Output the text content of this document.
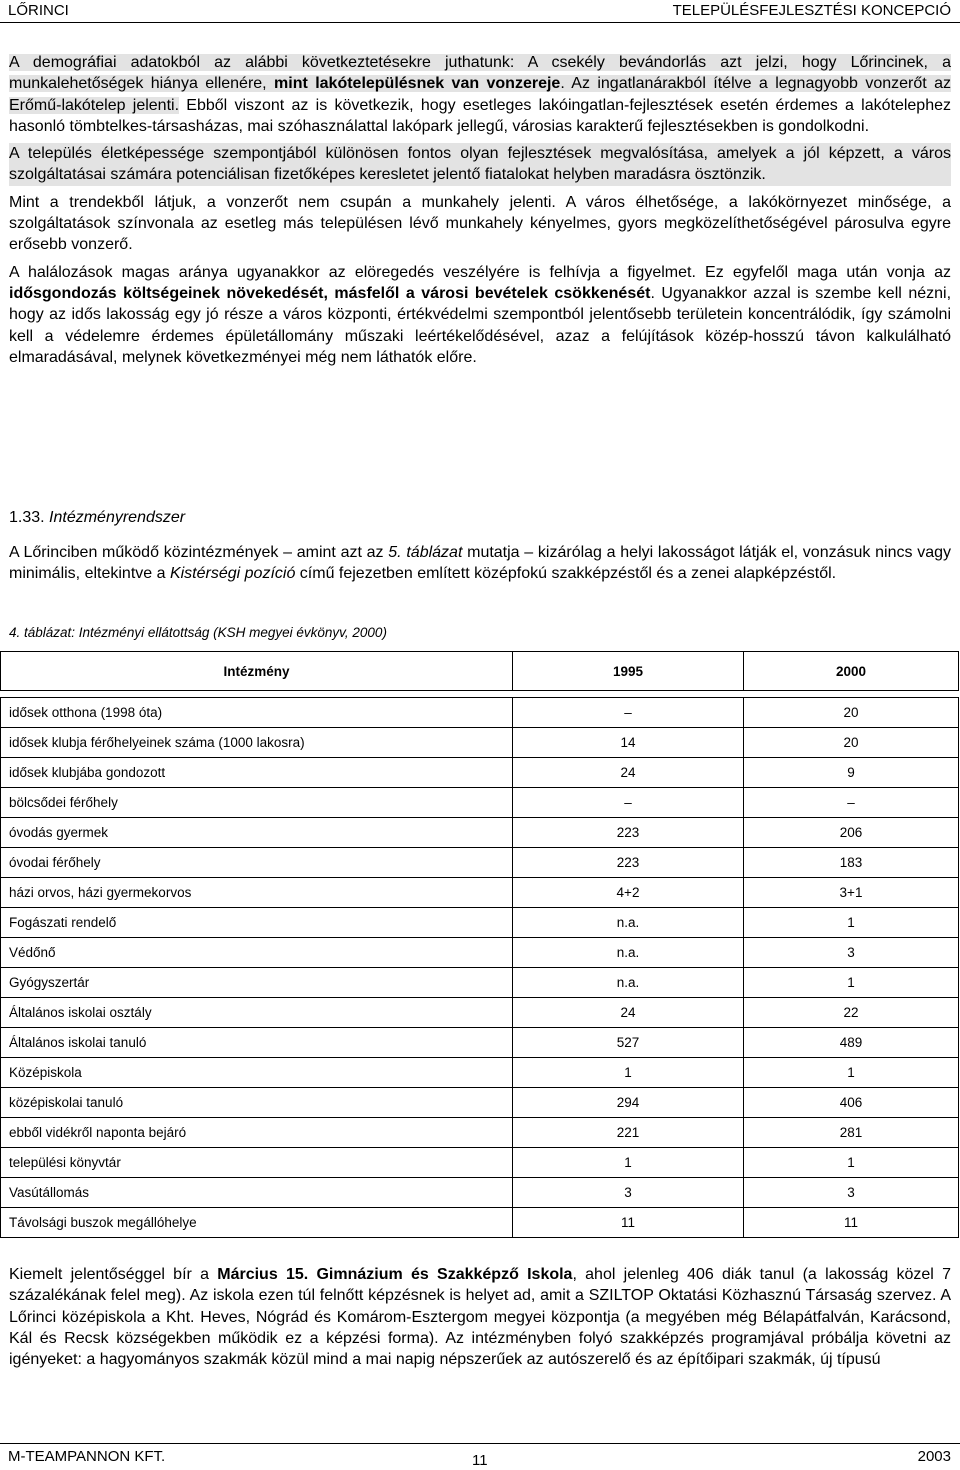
LŐRINCI	TELEPÜLÉSFEJLESZTÉSI KONCEPCIÓ

A demográfiai adatokból az alábbi következtetésekre juthatunk: A csekély bevándorlás azt jelzi, hogy Lőrincinek, a munkalehetőségek hiánya ellenére, mint lakótelepülésnek van vonzereje. Az ingatlanárakból ítélve a legnagyobb vonzerőt az Erőmű-lakótelep jelenti. Ebből viszont az is következik, hogy esetleges lakóingatlan-fejlesztések esetén érdemes a lakótelephez hasonló tömbtelkes-társasházas, mai szóhasználattal lakópark jellegű, városias karakterű fejlesztésekben is gondolkodni.

A település életképessége szempontjából különösen fontos olyan fejlesztések megvalósítása, amelyek a jól képzett, a város szolgáltatásai számára potenciálisan fizetőképes keresletet jelentő fiatalokat helyben maradásra ösztönzik.

Mint a trendekből látjuk, a vonzerőt nem csupán a munkahely jelenti. A város élhetősége, a lakókörnyezet minősége, a szolgáltatások színvonala az esetleg más településen lévő munkahely kényelmes, gyors megközelíthetőségével párosulva egyre erősebb vonzerő.

A halálozások magas aránya ugyanakkor az elöregedés veszélyére is felhívja a figyelmet. Ez egyfelől maga után vonja az idősgondozás költségeinek növekedését, másfelől a városi bevételek csökkenését. Ugyanakkor azzal is szembe kell nézni, hogy az idős lakosság egy jó része a város központi, értékvédelmi szempontból jelentősebb területein koncentrálódik, így számolni kell a védelemre érdemes épületállomány műszaki leértékelődésével, azaz a felújítások közép-hosszú távon kalkulálható elmaradásával, melynek következményei még nem láthatók előre.

1.33. Intézményrendszer

A Lőrinciben működő közintézmények – amint azt az 5. táblázat mutatja – kizárólag a helyi lakosságot látják el, vonzásuk nincs vagy minimális, eltekintve a Kistérségi pozíció című fejezetben említett középfokú szakképzéstől és a zenei alapképzéstől.

4. táblázat: Intézményi ellátottság (KSH megyei évkönyv, 2000)
Intézmény	1995	2000

idősek otthona (1998 óta)	–	20
idősek klubja férőhelyeinek száma (1000 lakosra)	14	20
idősek klubjába gondozott	24	9
bölcsődei férőhely	–	–
óvodás gyermek	223	206
óvodai férőhely	223	183
házi orvos, házi gyermekorvos	4+2	3+1
Fogászati rendelő	n.a.	1
Védőnő	n.a.	3
Gyógyszertár	n.a.	1
Általános iskolai osztály	24	22
Általános iskolai tanuló	527	489
Középiskola	1	1
középiskolai tanuló	294	406
ebből vidékről naponta bejáró	221	281
települési könyvtár	1	1
Vasútállomás	3	3
Távolsági buszok megállóhelye	11	11

Kiemelt jelentőséggel bír a Március 15. Gimnázium és Szakképző Iskola, ahol jelenleg 406 diák tanul (a lakosság közel 7 százalékának felel meg). Az iskola ezen túl felnőtt képzésnek is helyet ad, amit a SZILTOP Oktatási Közhasznú Társaság szervez. A Lőrinci középiskola a Kht. Heves, Nógrád és Komárom-Esztergom megyei központja (a megyében még Bélapátfalván, Karácsond, Kál és Recsk községekben működik ez a képzési forma). Az intézményben folyó szakképzés programjával próbálja követni az igényeket: a hagyományos szakmák közül mind a mai napig népszerűek az autószerelő és az építőipari szakmák, új típusú

M-TEAMPANNON KFT.	11	2003
